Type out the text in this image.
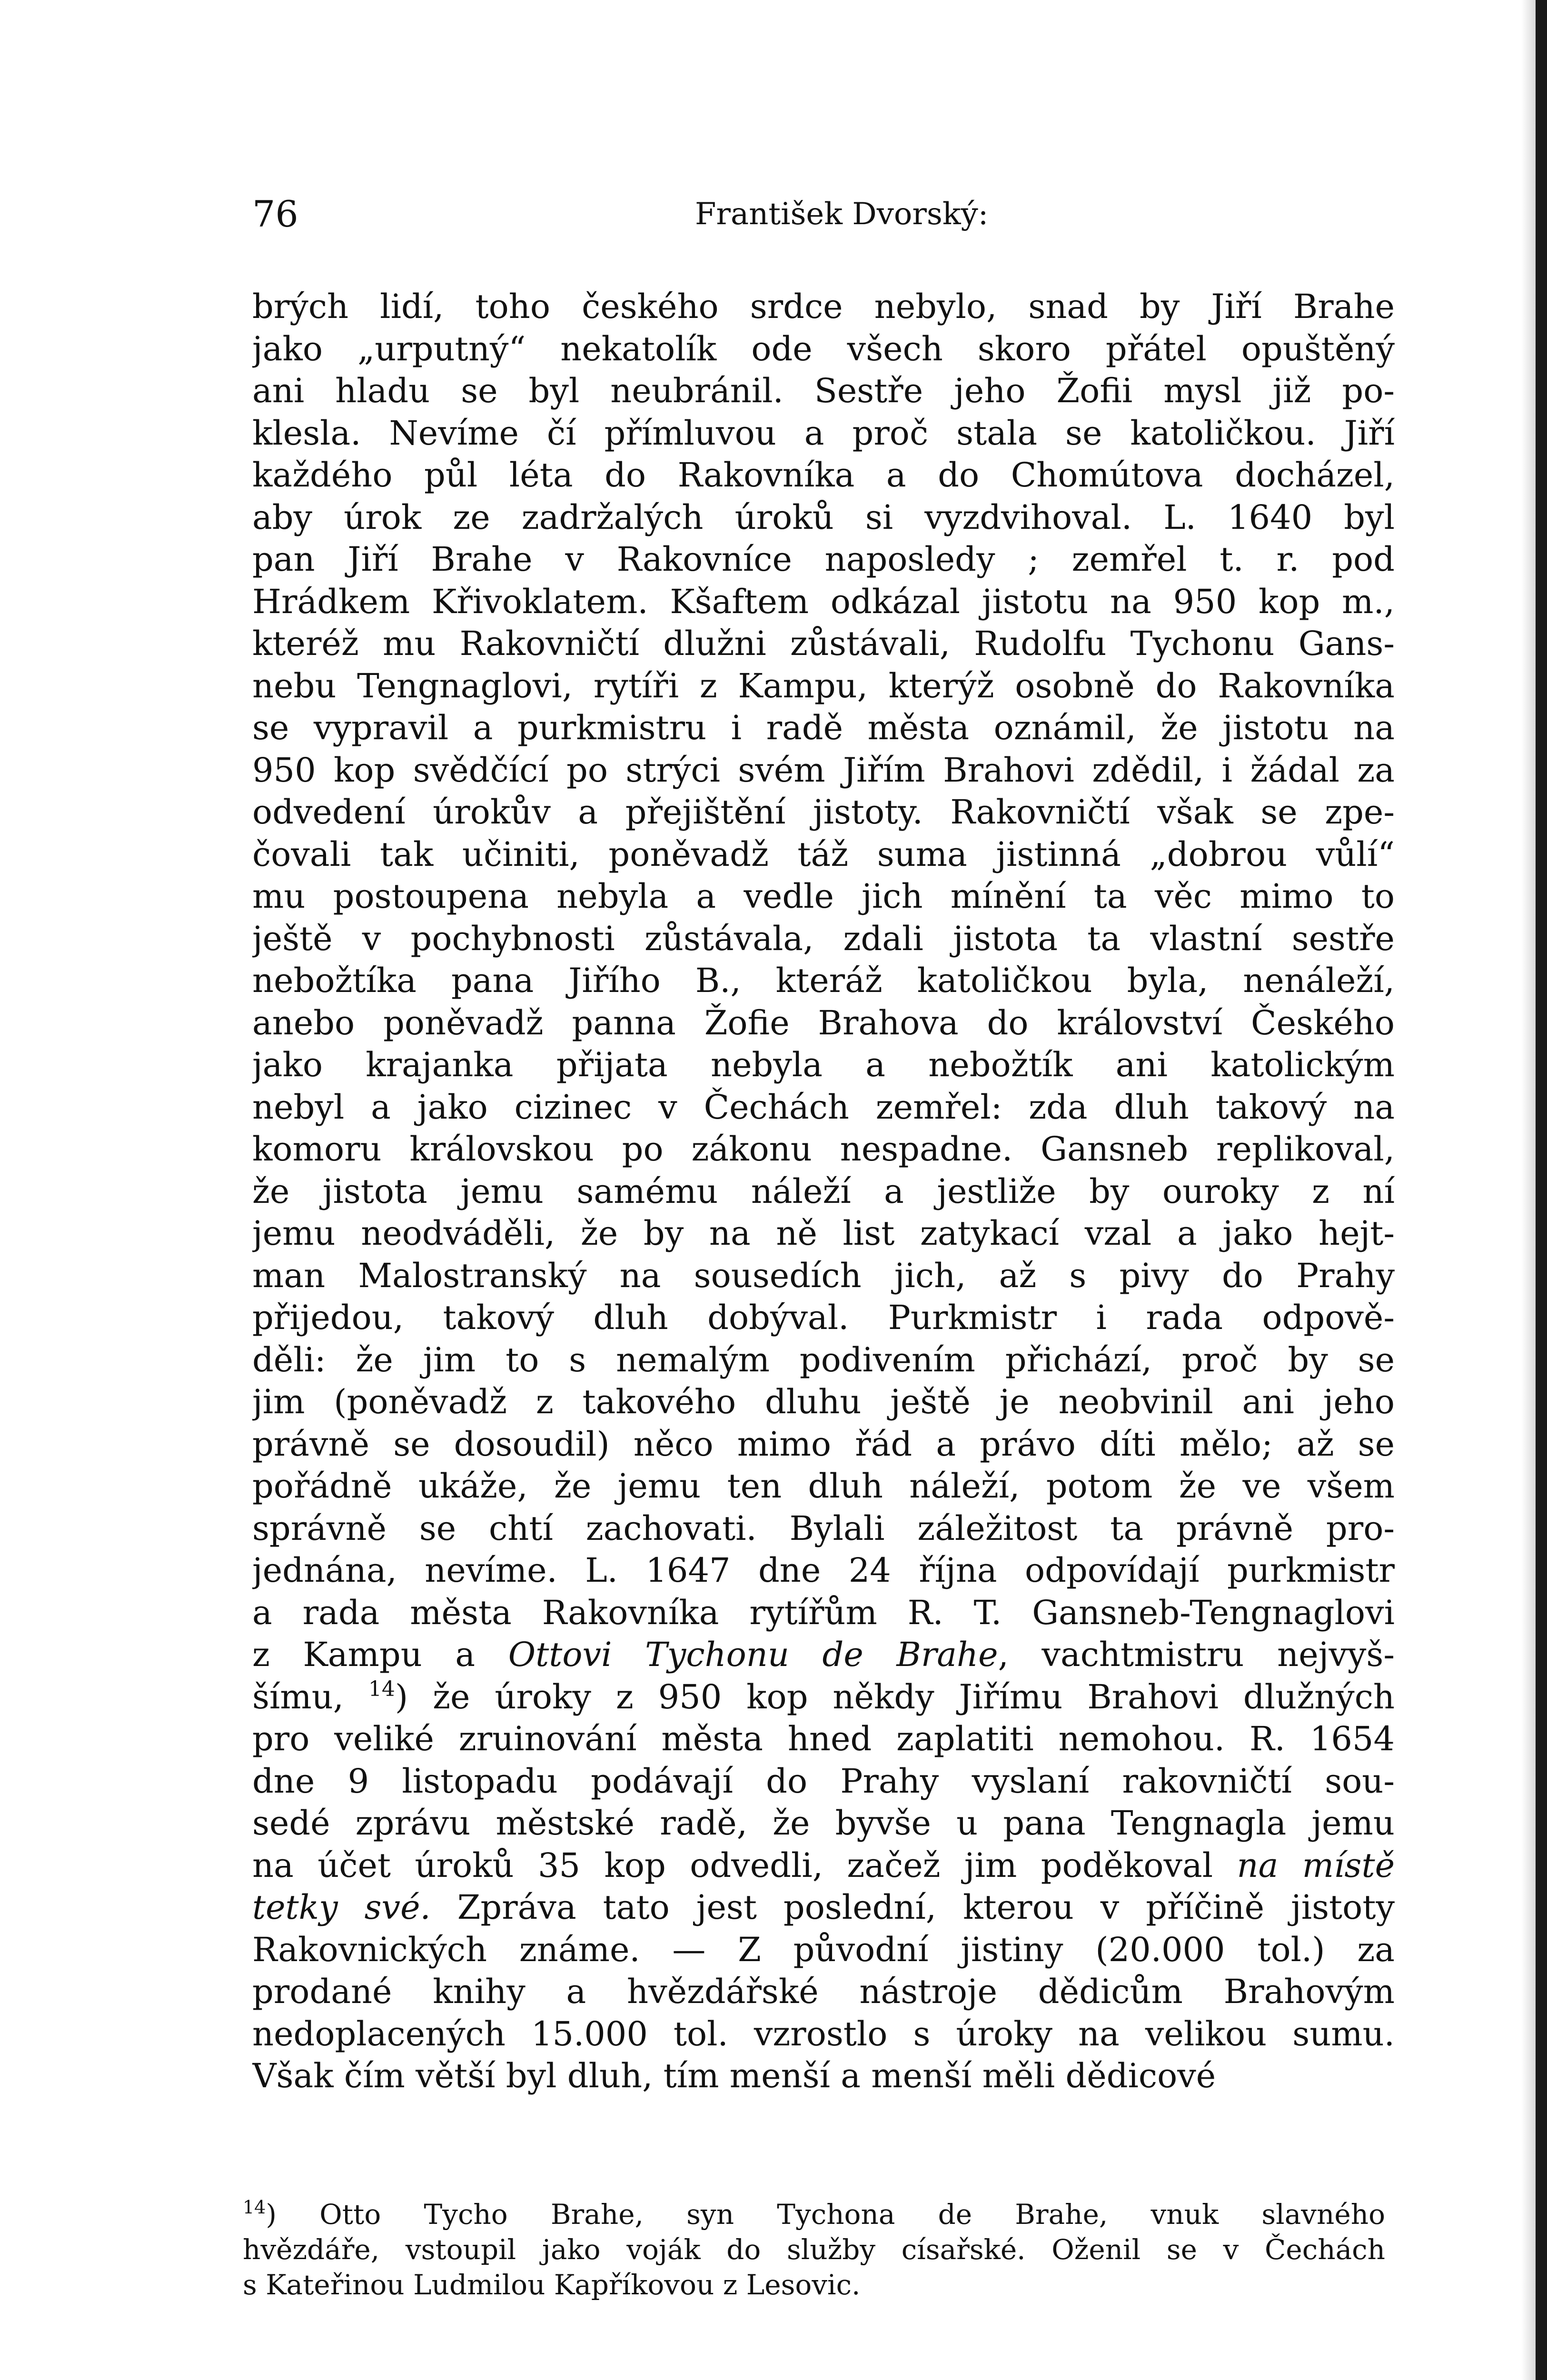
76	František Dvorský:
brých lidí, toho českého srdce nebylo, snad by Jiří Brahe
jako „urputný“ nekatolík ode všech skoro přátel opuštěný
ani hladu se byl neubránil. Sestře jeho Žofii mysl již po-
klesla. Nevíme čí přímluvou a proč stala se katoličkou. Jiří
každého půl léta do Rakovníka a do Chomútova docházel,
aby úrok ze zadržalých úroků si vyzdvihoval. L. 1640 byl
pan Jiří Brahe v Rakovníce naposledy ; zemřel t. r. pod
Hrádkem Křivoklatem. Kšaftem odkázal jistotu na 950 kop m.,
kteréž mu Rakovničtí dlužni zůstávali, Rudolfu Tychonu Gans-
nebu Tengnaglovi, rytíři z Kampu, kterýž osobně do Rakovníka
se vypravil a purkmistru i radě města oznámil, že jistotu na
950 kop svědčící po strýci svém Jiřím Brahovi zdědil, i žádal za
odvedení úrokův a přejištění jistoty. Rakovničtí však se zpe-
čovali tak učiniti, poněvadž táž suma jistinná „dobrou vůlí“
mu postoupena nebyla a vedle jich mínění ta věc mimo to
ještě v pochybnosti zůstávala, zdali jistota ta vlastní sestře
nebožtíka pana Jiřího B., kteráž katoličkou byla, nenáleží,
anebo poněvadž panna Žofie Brahova do království Českého
jako krajanka přijata nebyla a nebožtík ani katolickým
nebyl a jako cizinec v Čechách zemřel: zda dluh takový na
komoru královskou po zákonu nespadne. Gansneb replikoval,
že jistota jemu samému náleží a jestliže by ouroky z ní
jemu neodváděli, že by na ně list zatykací vzal a jako hejt-
man Malostranský na sousedích jich, až s pivy do Prahy
přijedou, takový dluh dobýval. Purkmistr i rada odpově-
děli: že jim to s nemalým podivením přichází, proč by se
jim (poněvadž z takového dluhu ještě je neobvinil ani jeho
právně se dosoudil) něco mimo řád a právo díti mělo; až se
pořádně ukáže, že jemu ten dluh náleží, potom že ve všem
správně se chtí zachovati. Bylali záležitost ta právně pro-
jednána, nevíme. L. 1647 dne 24 října odpovídají purkmistr
a rada města Rakovníka rytířům R. T. Gansneb-Tengnaglovi
z Kampu a Ottovi Tychonu de Brahe, vachtmistru nejvyš-
šímu, $^{14}$) že úroky z 950 kop někdy Jiřímu Brahovi dlužných
pro veliké zruinování města hned zaplatiti nemohou. R. 1654
dne 9 listopadu podávají do Prahy vyslaní rakovničtí sou-
sedé zprávu městské radě, že byvše u pana Tengnagla jemu
na účet úroků 35 kop odvedli, začež jim poděkoval na místě
tetky své. Zpráva tato jest poslední, kterou v příčině jistoty
Rakovnických známe. — Z původní jistiny (20.000 tol.) za
prodané knihy a hvězdářské nástroje dědicům Brahovým
nedoplacených 15.000 tol. vzrostlo s úroky na velikou sumu.
Však čím větší byl dluh, tím menší a menší měli dědicové
$^{14}$) Otto Tycho Brahe, syn Tychona de Brahe, vnuk slavného
hvězdáře, vstoupil jako voják do služby císařské. Oženil se v Čechách
s Kateřinou Ludmilou Kapříkovou z Lesovic.
